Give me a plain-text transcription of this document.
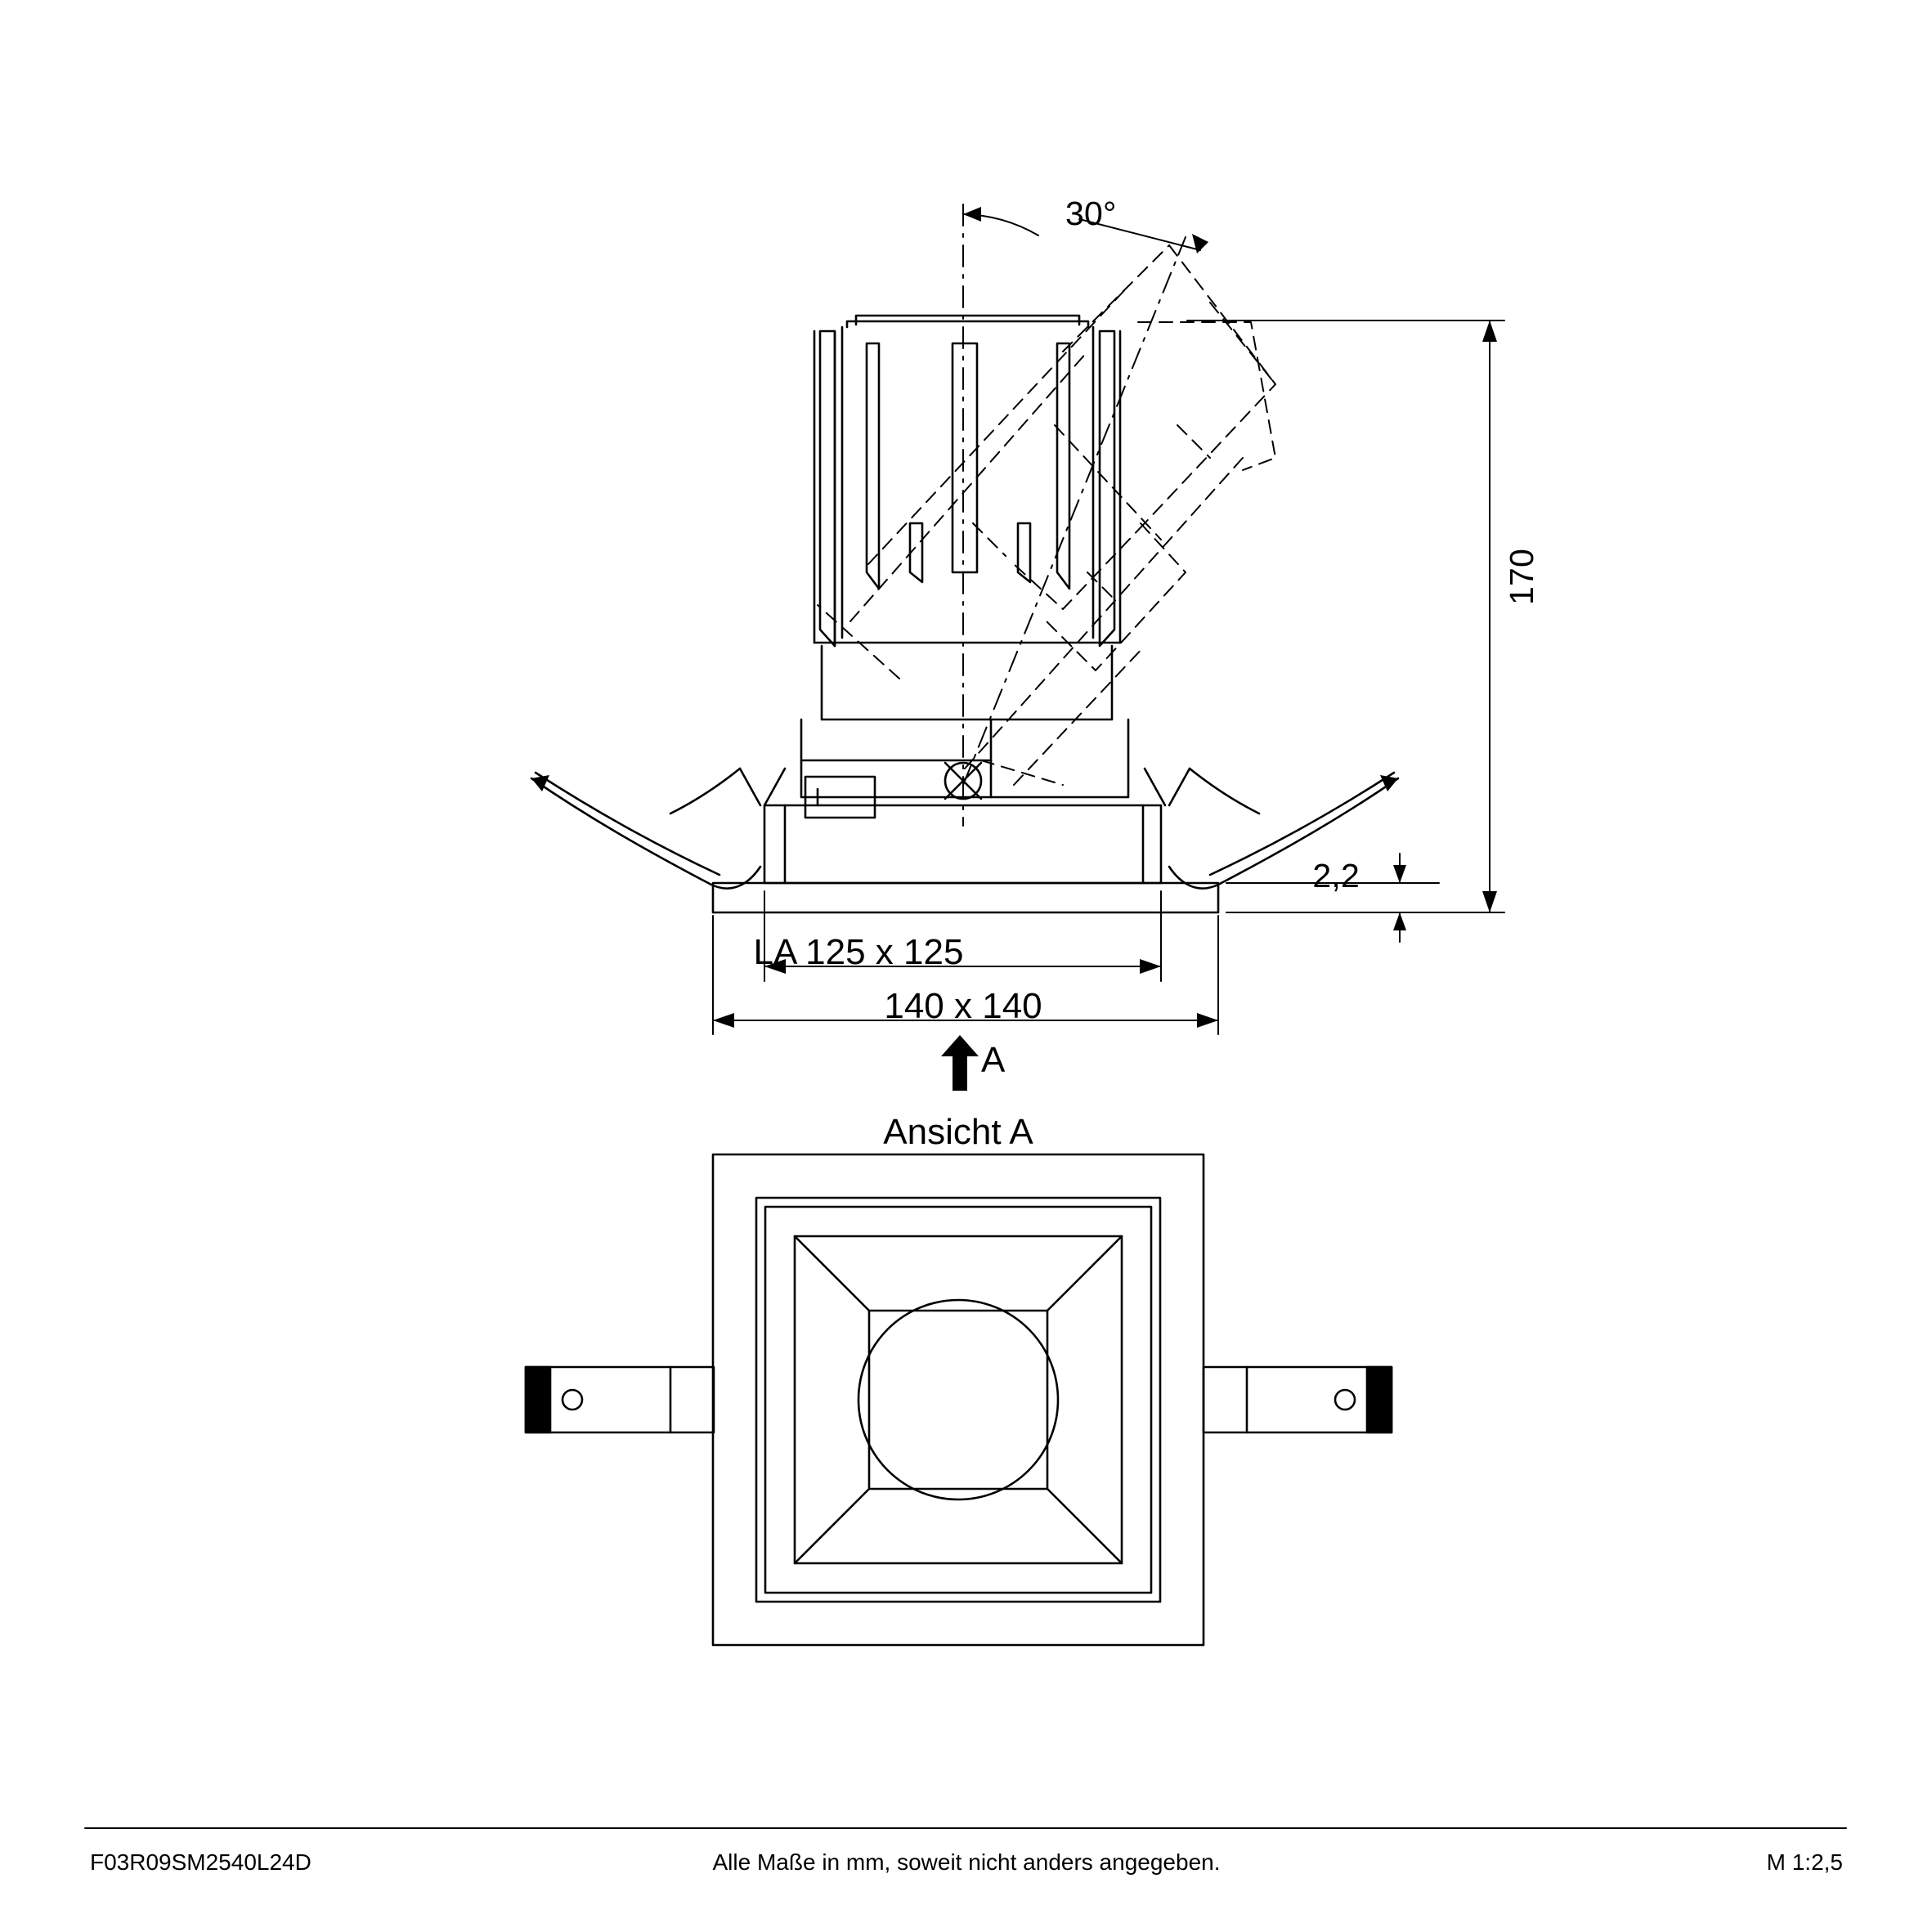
30°
170
2,2
LA 125 x 125
140 x 140
A
Ansicht A
F03R09SM2540L24D	Alle Maße in mm, soweit nicht anders angegeben.	M 1:2,5
